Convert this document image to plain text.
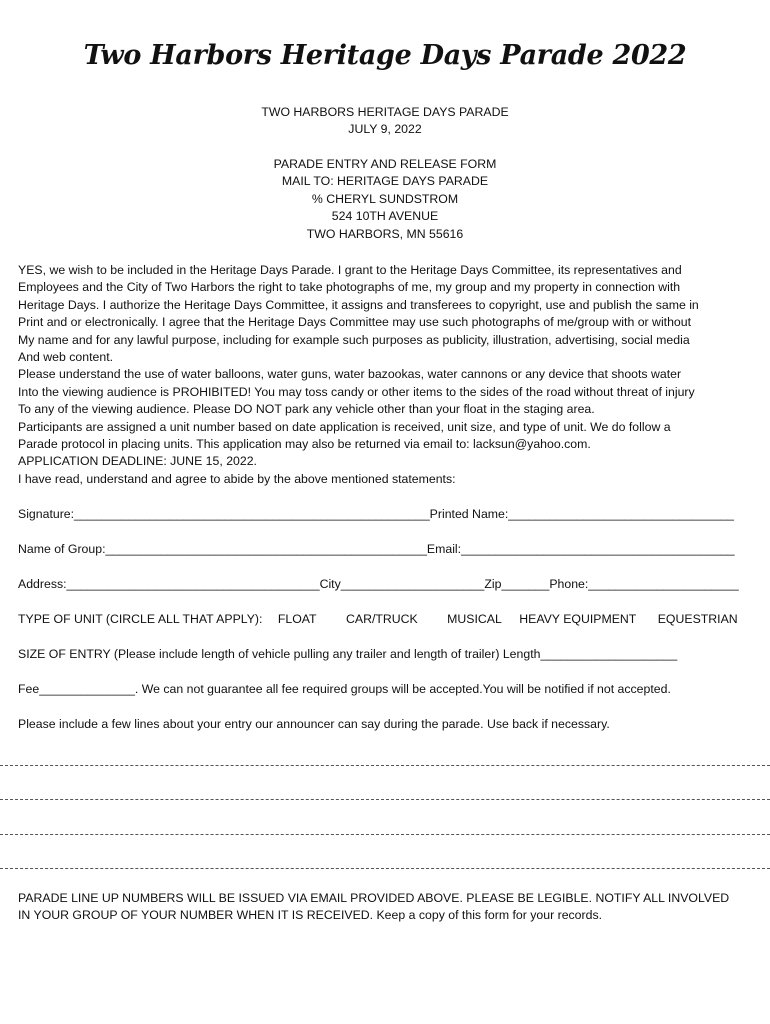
Two Harbors Heritage Days Parade 2022
TWO HARBORS HERITAGE DAYS PARADE
JULY 9, 2022
PARADE ENTRY AND RELEASE FORM
MAIL TO: HERITAGE DAYS PARADE
% CHERYL SUNDSTROM
524 10TH AVENUE
TWO HARBORS, MN 55616
YES, we wish to be included in the Heritage Days Parade. I grant to the Heritage Days Committee, its representatives and
Employees and the City of Two Harbors the right to take photographs of me, my group and my property in connection with
Heritage Days. I authorize the Heritage Days Committee, it assigns and transferees to copyright, use and publish the same in
Print and or electronically. I agree that the Heritage Days Committee may use such photographs of me/group with or without
My name and for any lawful purpose, including for example such purposes as publicity, illustration, advertising, social media
And web content.
Please understand the use of water balloons, water guns, water bazookas, water cannons or any device that shoots water
Into the viewing audience is PROHIBITED! You may toss candy or other items to the sides of the road without threat of injury
To any of the viewing audience. Please DO NOT park any vehicle other than your float in the staging area.
Participants are assigned a unit number based on date application is received, unit size, and type of unit. We do follow a
Parade protocol in placing units. This application may also be returned via email to: lacksun@yahoo.com.
APPLICATION DEADLINE: JUNE 15, 2022.
I have read, understand and agree to abide by the above mentioned statements:
Signature:____________________________________________________Printed Name:_________________________________
Name of Group:_______________________________________________Email:________________________________________
Address:_____________________________________City_____________________Zip_______Phone:______________________
TYPE OF UNIT (CIRCLE ALL THAT APPLY): FLOAT CAR/TRUCK MUSICAL HEAVY EQUIPMENT EQUESTRIAN
SIZE OF ENTRY (Please include length of vehicle pulling any trailer and length of trailer) Length____________________
Fee______________. We can not guarantee all fee required groups will be accepted.You will be notified if not accepted.
Please include a few lines about your entry our announcer can say during the parade. Use back if necessary.
PARADE LINE UP NUMBERS WILL BE ISSUED VIA EMAIL PROVIDED ABOVE. PLEASE BE LEGIBLE. NOTIFY ALL INVOLVED
IN YOUR GROUP OF YOUR NUMBER WHEN IT IS RECEIVED. Keep a copy of this form for your records.
